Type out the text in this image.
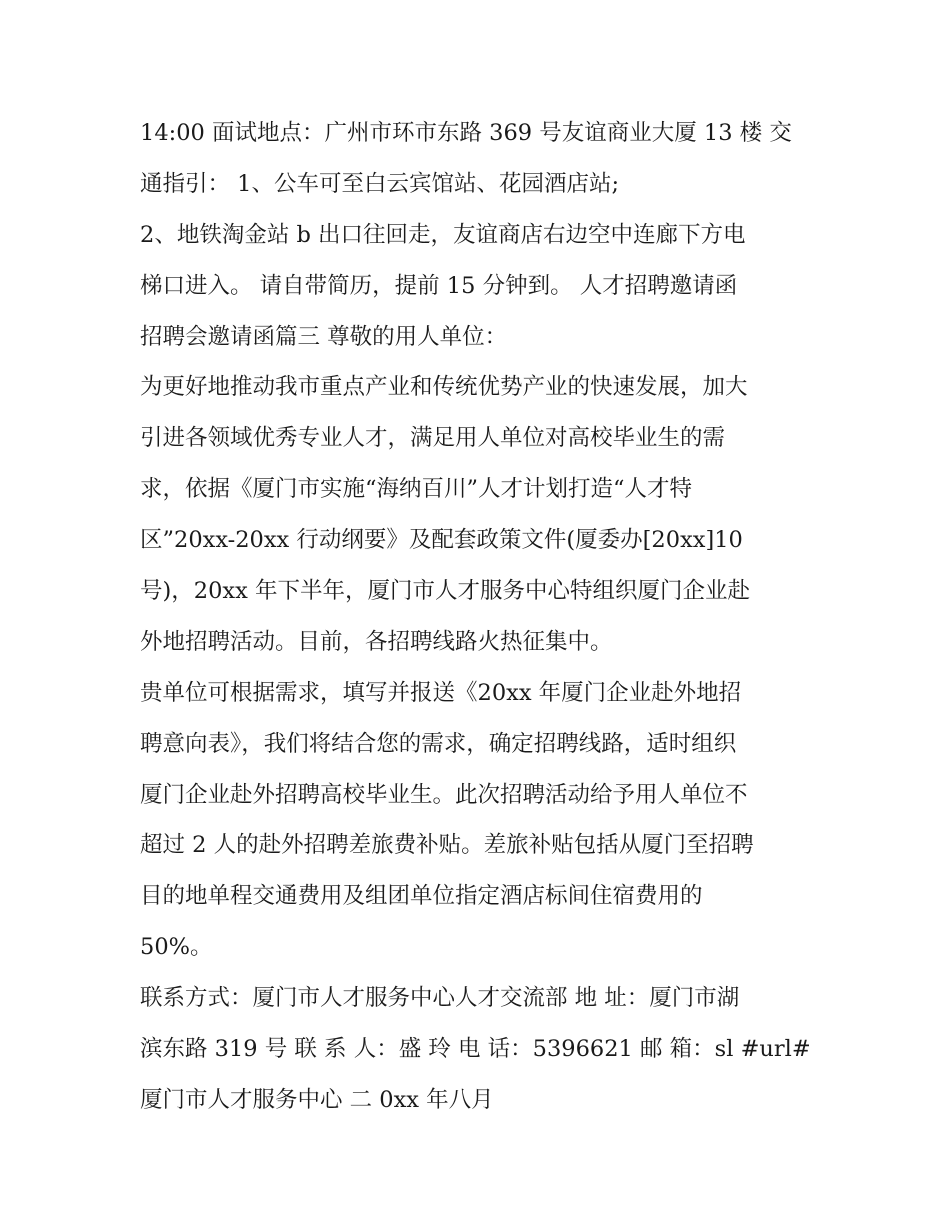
14:00 面试地点：广州市环市东路 369 号友谊商业大厦 13 楼 交
通指引： 1、公车可至白云宾馆站、花园酒店站;
2、地铁淘金站 b 出口往回走，友谊商店右边空中连廊下方电
梯口进入。 请自带简历，提前 15 分钟到。 人才招聘邀请函
招聘会邀请函篇三 尊敬的用人单位：
为更好地推动我市重点产业和传统优势产业的快速发展，加大
引进各领域优秀专业人才，满足用人单位对高校毕业生的需
求，依据《厦门市实施“海纳百川”人才计划打造“人才特
区”20xx-20xx 行动纲要》及配套政策文件(厦委办[20xx]10
号)，20xx 年下半年，厦门市人才服务中心特组织厦门企业赴
外地招聘活动。目前，各招聘线路火热征集中。
贵单位可根据需求，填写并报送《20xx 年厦门企业赴外地招
聘意向表》，我们将结合您的需求，确定招聘线路，适时组织
厦门企业赴外招聘高校毕业生。此次招聘活动给予用人单位不
超过 2 人的赴外招聘差旅费补贴。差旅补贴包括从厦门至招聘
目的地单程交通费用及组团单位指定酒店标间住宿费用的
50%。
联系方式：厦门市人才服务中心人才交流部 地 址：厦门市湖
滨东路 319 号 联 系 人：盛 玲 电 话：5396621 邮 箱：sl #url#
厦门市人才服务中心 二 0xx 年八月
